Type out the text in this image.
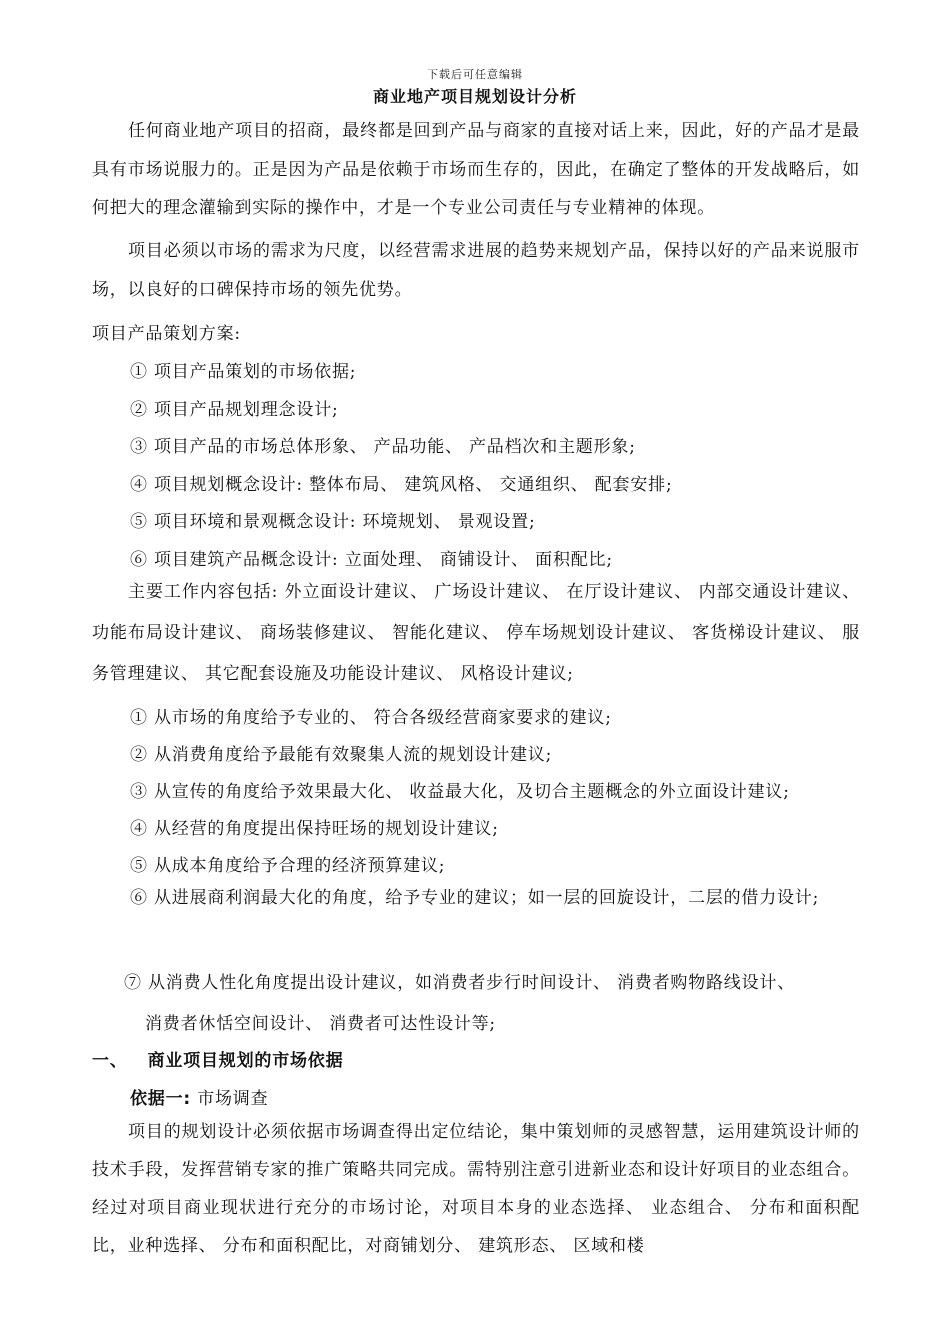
下载后可任意编辑
商业地产项目规划设计分析
任何商业地产项目的招商，最终都是回到产品与商家的直接对话上来，因此，好的产品才是最具有市场说服力的。正是因为产品是依赖于市场而生存的，因此，在确定了整体的开发战略后，如何把大的理念灌输到实际的操作中，才是一个专业公司责任与专业精神的体现。
项目必须以市场的需求为尺度，以经营需求进展的趋势来规划产品，保持以好的产品来说服市场，以良好的口碑保持市场的领先优势。
项目产品策划方案:
① 项目产品策划的市场依据;
② 项目产品规划理念设计;
③ 项目产品的市场总体形象、 产品功能、 产品档次和主题形象;
④ 项目规划概念设计: 整体布局、 建筑风格、 交通组织、 配套安排;
⑤ 项目环境和景观概念设计: 环境规划、 景观设置;
⑥ 项目建筑产品概念设计: 立面处理、 商铺设计、 面积配比;
主要工作内容包括: 外立面设计建议、 广场设计建议、 在厅设计建议、 内部交通设计建议、 功能布局设计建议、 商场装修建议、 智能化建议、 停车场规划设计建议、 客货梯设计建议、 服务管理建议、 其它配套设施及功能设计建议、 风格设计建议;
① 从市场的角度给予专业的、 符合各级经营商家要求的建议;
② 从消费角度给予最能有效聚集人流的规划设计建议;
③ 从宣传的角度给予效果最大化、 收益最大化，及切合主题概念的外立面设计建议;
④ 从经营的角度提出保持旺场的规划设计建议;
⑤ 从成本角度给予合理的经济预算建议;
⑥ 从进展商利润最大化的角度，给予专业的建议；如一层的回旋设计，二层的借力设计;
⑦ 从消费人性化角度提出设计建议，如消费者步行时间设计、 消费者购物路线设计、
消费者休恬空间设计、 消费者可达性设计等;
一、 商业项目规划的市场依据
依据一: 市场调查
项目的规划设计必须依据市场调查得出定位结论，集中策划师的灵感智慧，运用建筑设计师的技术手段，发挥营销专家的推广策略共同完成。需特别注意引进新业态和设计好项目的业态组合。经过对项目商业现状进行充分的市场讨论，对项目本身的业态选择、 业态组合、 分布和面积配比，业种选择、 分布和面积配比，对商铺划分、 建筑形态、 区域和楼
